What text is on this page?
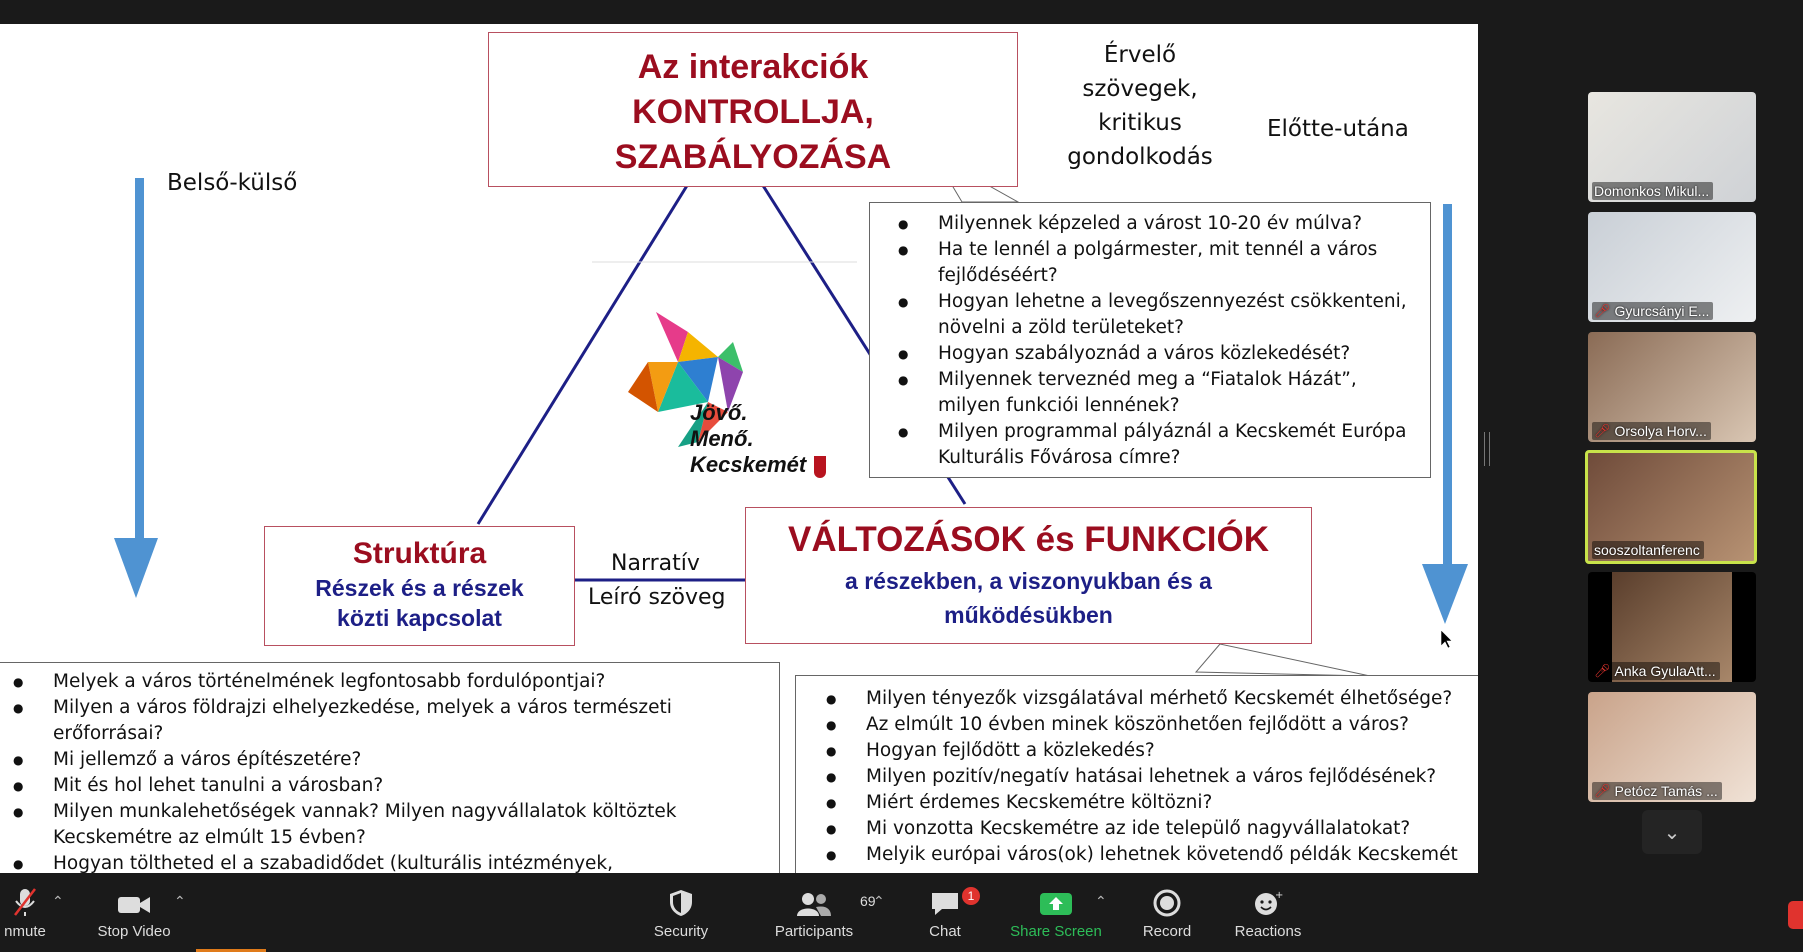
Az interakciók
KONTROLLJA,
SZABÁLYOZÁSA
Érvelő
szövegek,
kritikus
gondolkodás
Előtte-utána
Belső-külső
Jövő.
Menő.
Kecskemét
Struktúra
Részek és a részek
közti kapcsolat
Narratív
Leíró szöveg
VÁLTOZÁSOK és FUNKCIÓK
a részekben, a viszonyukban és a
működésükben
● Milyennek képzeled a várost 10-20 év múlva?
● Ha te lennél a polgármester, mit tennél a város fejlődéséért?
● Hogyan lehetne a levegőszennyezést csökkenteni, növelni a zöld területeket?
● Hogyan szabályoznád a város közlekedését?
● Milyennek terveznéd meg a “Fiatalok Házát”, milyen funkciói lennének?
● Milyen programmal pályáznál a Kecskemét Európa Kulturális Fővárosa címre?
● Melyek a város történelmének legfontosabb fordulópontjai?
● Milyen a város földrajzi elhelyezkedése, melyek a város természeti erőforrásai?
● Mi jellemző a város építészetére?
● Mit és hol lehet tanulni a városban?
● Milyen munkalehetőségek vannak? Milyen nagyvállalatok költöztek Kecskemétre az elmúlt 15 évben?
● Hogyan töltheted el a szabadidődet (kulturális intézmények,
● Milyen tényezők vizsgálatával mérhető Kecskemét élhetősége?
● Az elmúlt 10 évben minek köszönhetően fejlődött a város?
● Hogyan fejlődött a közlekedés?
● Milyen pozitív/negatív hatásai lehetnek a város fejlődésének?
● Miért érdemes Kecskemétre költözni?
● Mi vonzotta Kecskemétre az ide települő nagyvállalatokat?
● Melyik európai város(ok) lehetnek követendő példák Kecskemét
Domonkos Mikul...
🎤︎ Gyurcsányi E...
🎤︎ Orsolya Horv...
sooszoltanferenc
🎤︎ Anka GyulaAtt...
🎤︎ Petócz Tamás ...
⌄
nmute
⌃
Stop Video
⌃
Security
69
Participants
⌃	1
Chat	Share Screen
⌃
Record
+
Reactions
